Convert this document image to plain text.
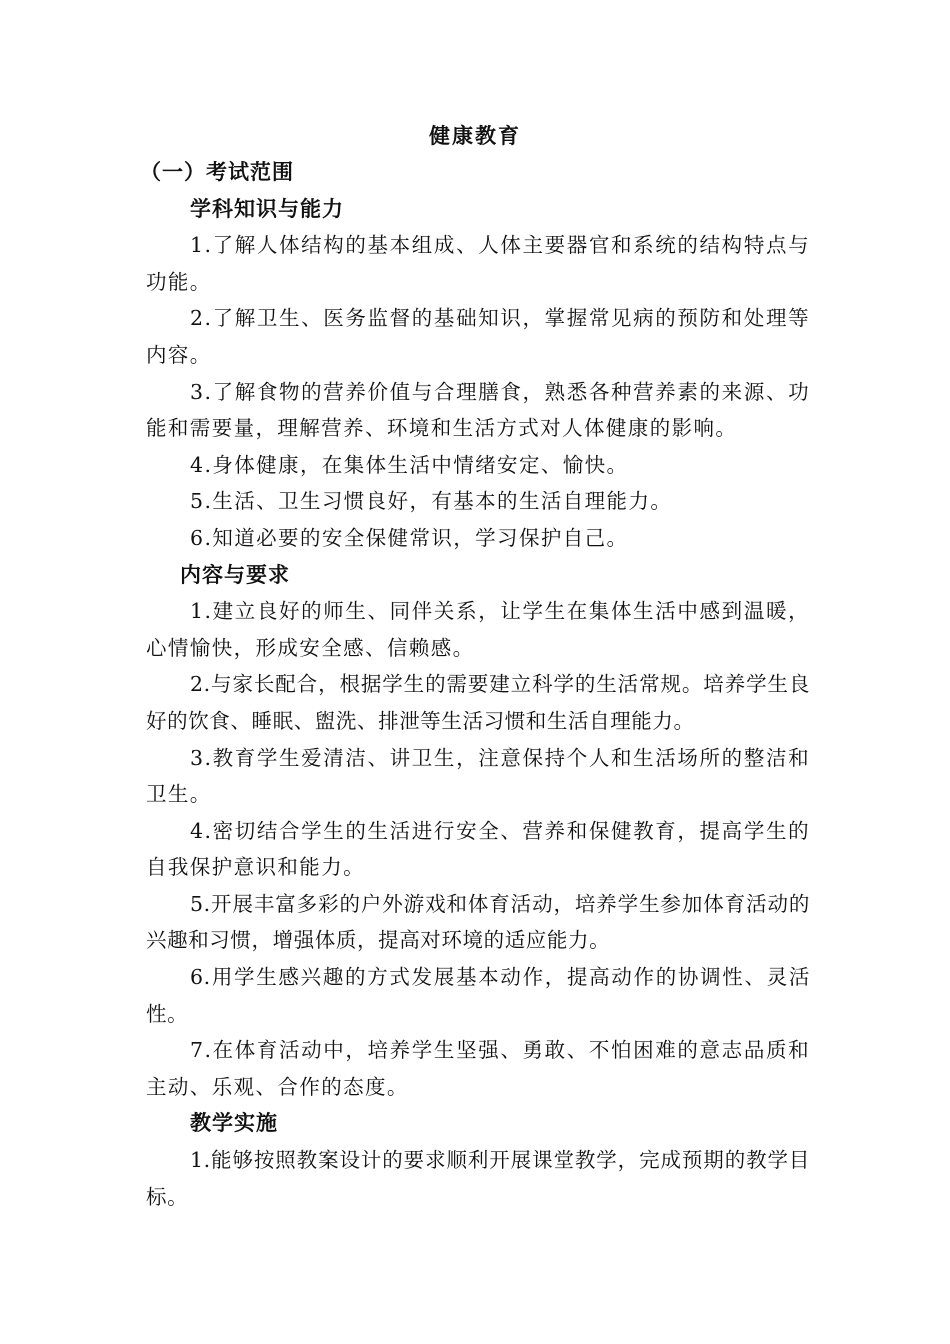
健康教育
（一）考试范围
学科知识与能力
1.了解人体结构的基本组成、人体主要器官和系统的结构特点与功能。
2.了解卫生、医务监督的基础知识，掌握常见病的预防和处理等内容。
3.了解食物的营养价值与合理膳食，熟悉各种营养素的来源、功能和需要量，理解营养、环境和生活方式对人体健康的影响。
4.身体健康，在集体生活中情绪安定、愉快。
5.生活、卫生习惯良好，有基本的生活自理能力。
6.知道必要的安全保健常识，学习保护自己。
内容与要求
1.建立良好的师生、同伴关系，让学生在集体生活中感到温暖，心情愉快，形成安全感、信赖感。
2.与家长配合，根据学生的需要建立科学的生活常规。培养学生良好的饮食、睡眠、盥洗、排泄等生活习惯和生活自理能力。
3.教育学生爱清洁、讲卫生，注意保持个人和生活场所的整洁和卫生。
4.密切结合学生的生活进行安全、营养和保健教育，提高学生的自我保护意识和能力。
5.开展丰富多彩的户外游戏和体育活动，培养学生参加体育活动的兴趣和习惯，增强体质，提高对环境的适应能力。
6.用学生感兴趣的方式发展基本动作，提高动作的协调性、灵活性。
7.在体育活动中，培养学生坚强、勇敢、不怕困难的意志品质和主动、乐观、合作的态度。
教学实施
1.能够按照教案设计的要求顺利开展课堂教学，完成预期的教学目标。
